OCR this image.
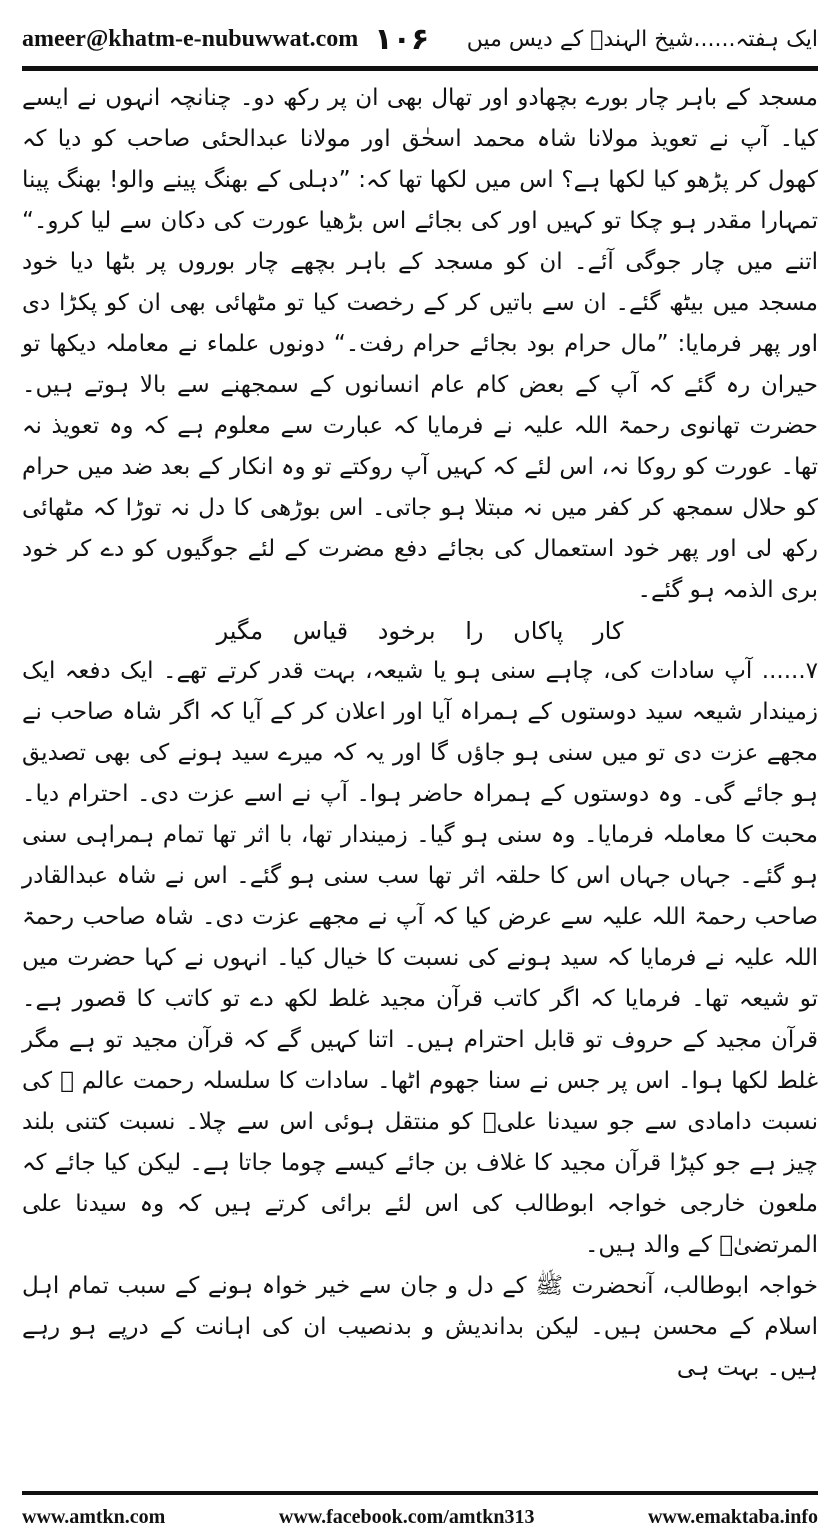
ameer@khatm-e-nubuwwat.com ۱۰۶ ایک ہفتہ......شیخ الہندؒ کے دیس میں

مسجد کے باہر چار بورے بچھادو اور تھال بھی ان پر رکھ دو۔ چنانچہ انہوں نے ایسے کیا۔ آپ نے تعویذ مولانا شاہ محمد اسحٰق اور مولانا عبدالحئی صاحب کو دیا کہ کھول کر پڑھو کیا لکھا ہے؟ اس میں لکھا تھا کہ: ”دہلی کے بھنگ پینے والو! بھنگ پینا تمہارا مقدر ہو چکا تو کہیں اور کی بجائے اس بڑھیا عورت کی دکان سے لیا کرو۔“ اتنے میں چار جوگی آئے۔ ان کو مسجد کے باہر بچھے چار بوروں پر بٹھا دیا خود مسجد میں بیٹھ گئے۔ ان سے باتیں کر کے رخصت کیا تو مٹھائی بھی ان کو پکڑا دی اور پھر فرمایا: ”مال حرام بود بجائے حرام رفت۔“ دونوں علماء نے معاملہ دیکھا تو حیران رہ گئے کہ آپ کے بعض کام عام انسانوں کے سمجھنے سے بالا ہوتے ہیں۔ حضرت تھانوی رحمۃ اللہ علیہ نے فرمایا کہ عبارت سے معلوم ہے کہ وہ تعویذ نہ تھا۔ عورت کو روکا نہ، اس لئے کہ کہیں آپ روکتے تو وہ انکار کے بعد ضد میں حرام کو حلال سمجھ کر کفر میں نہ مبتلا ہو جاتی۔ اس بوڑھی کا دل نہ توڑا کہ مٹھائی رکھ لی اور پھر خود استعمال کی بجائے دفع مضرت کے لئے جوگیوں کو دے کر خود بری الذمہ ہو گئے۔

کار پاکاں را برخود قیاس مگیر

۷...... آپ سادات کی، چاہے سنی ہو یا شیعہ، بہت قدر کرتے تھے۔ ایک دفعہ ایک زمیندار شیعہ سید دوستوں کے ہمراہ آیا اور اعلان کر کے آیا کہ اگر شاہ صاحب نے مجھے عزت دی تو میں سنی ہو جاؤں گا اور یہ کہ میرے سید ہونے کی بھی تصدیق ہو جائے گی۔ وہ دوستوں کے ہمراہ حاضر ہوا۔ آپ نے اسے عزت دی۔ احترام دیا۔ محبت کا معاملہ فرمایا۔ وہ سنی ہو گیا۔ زمیندار تھا، با اثر تھا تمام ہمراہی سنی ہو گئے۔ جہاں جہاں اس کا حلقہ اثر تھا سب سنی ہو گئے۔ اس نے شاہ عبدالقادر صاحب رحمۃ اللہ علیہ سے عرض کیا کہ آپ نے مجھے عزت دی۔ شاہ صاحب رحمۃ اللہ علیہ نے فرمایا کہ سید ہونے کی نسبت کا خیال کیا۔ انہوں نے کہا حضرت میں تو شیعہ تھا۔ فرمایا کہ اگر کاتب قرآن مجید غلط لکھ دے تو کاتب کا قصور ہے۔ قرآن مجید کے حروف تو قابل احترام ہیں۔ اتنا کہیں گے کہ قرآن مجید تو ہے مگر غلط لکھا ہوا۔ اس پر جس نے سنا جھوم اٹھا۔ سادات کا سلسلہ رحمت عالم ﷺ کی نسبت دامادی سے جو سیدنا علیؓ کو منتقل ہوئی اس سے چلا۔ نسبت کتنی بلند چیز ہے جو کپڑا قرآن مجید کا غلاف بن جائے کیسے چوما جاتا ہے۔ لیکن کیا جائے کہ ملعون خارجی خواجہ ابوطالب کی اس لئے برائی کرتے ہیں کہ وہ سیدنا علی المرتضیٰؓ کے والد ہیں۔

خواجہ ابوطالب، آنحضرت ﷺ کے دل و جان سے خیر خواہ ہونے کے سبب تمام اہل اسلام کے محسن ہیں۔ لیکن بداندیش و بدنصیب ان کی اہانت کے درپے ہو رہے ہیں۔ بہت ہی

www.amtkn.com	www.facebook.com/amtkn313	www.emaktaba.info
